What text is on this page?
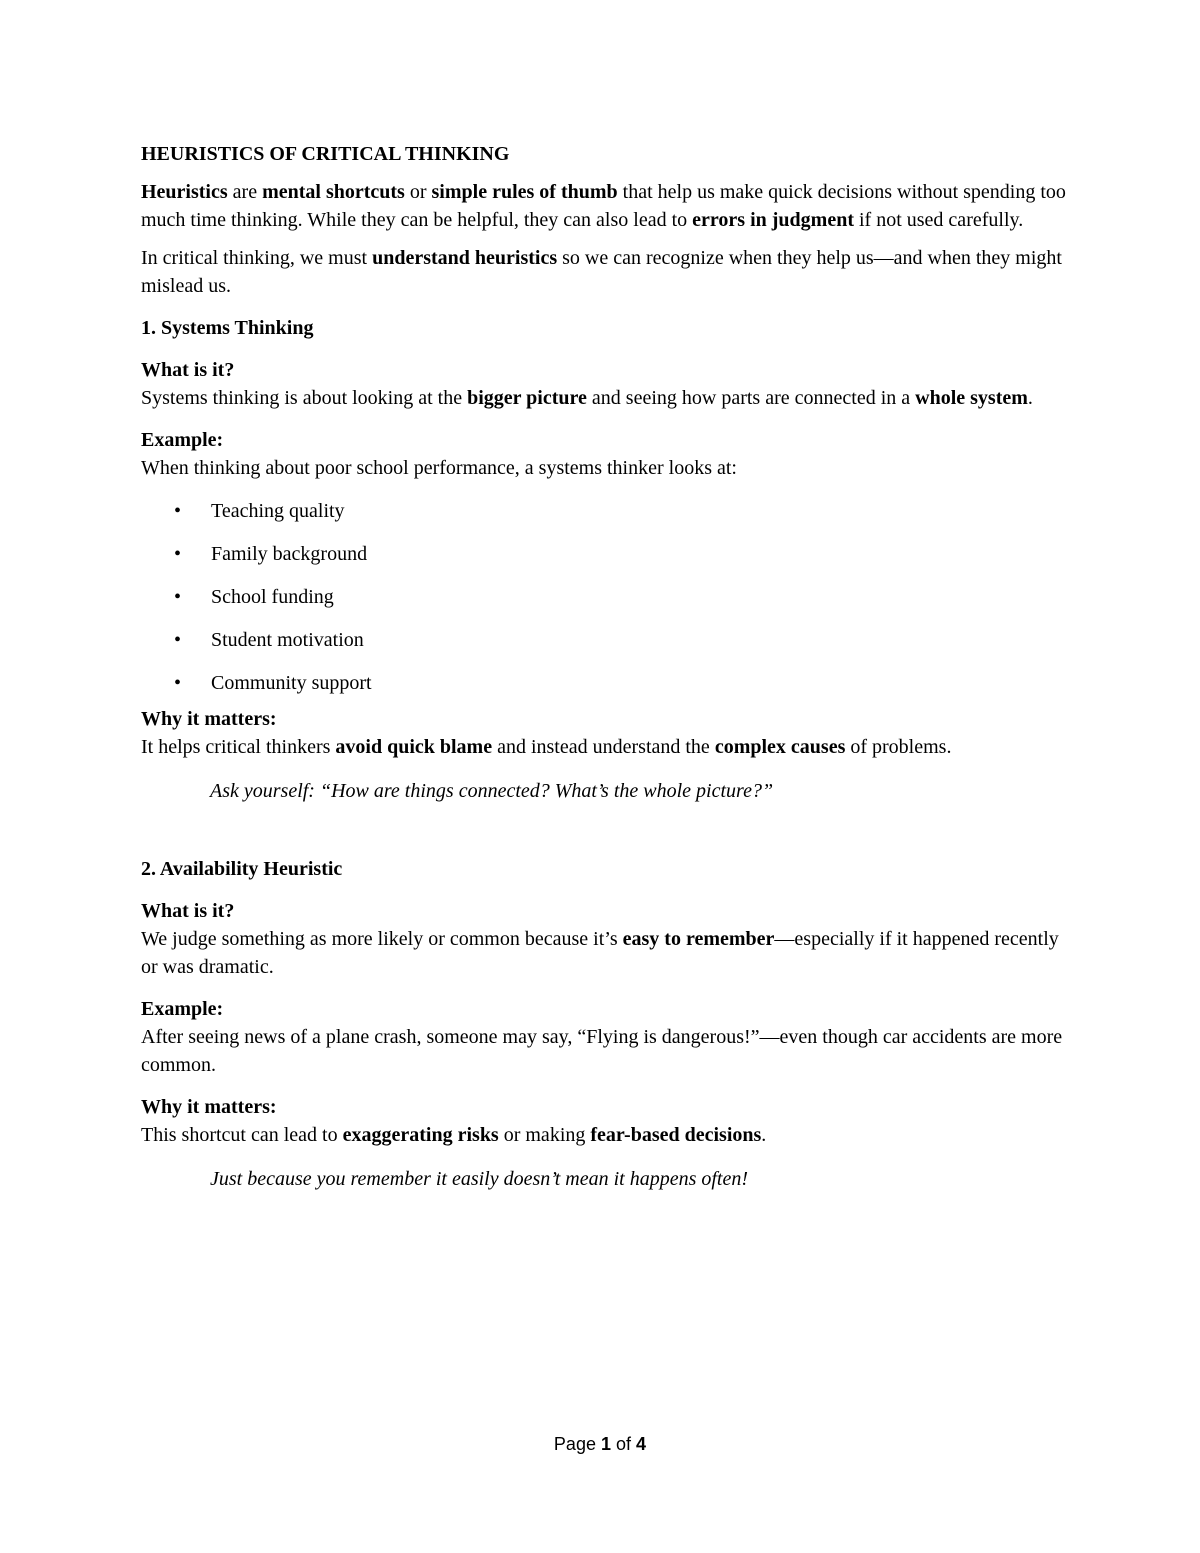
HEURISTICS OF CRITICAL THINKING

Heuristics are mental shortcuts or simple rules of thumb that help us make quick decisions without spending too much time thinking. While they can be helpful, they can also lead to errors in judgment if not used carefully.

In critical thinking, we must understand heuristics so we can recognize when they help us—and when they might mislead us.

1. Systems Thinking
What is it?
Systems thinking is about looking at the bigger picture and seeing how parts are connected in a whole system.
Example:
When thinking about poor school performance, a systems thinker looks at:
• Teaching quality
• Family background
• School funding
• Student motivation
• Community support
Why it matters:
It helps critical thinkers avoid quick blame and instead understand the complex causes of problems.
Ask yourself: “How are things connected? What’s the whole picture?”
2. Availability Heuristic
What is it?
We judge something as more likely or common because it’s easy to remember—especially if it happened recently or was dramatic.
Example:
After seeing news of a plane crash, someone may say, “Flying is dangerous!”—even though car accidents are more common.
Why it matters:
This shortcut can lead to exaggerating risks or making fear-based decisions.
Just because you remember it easily doesn’t mean it happens often!
Page 1 of 4
